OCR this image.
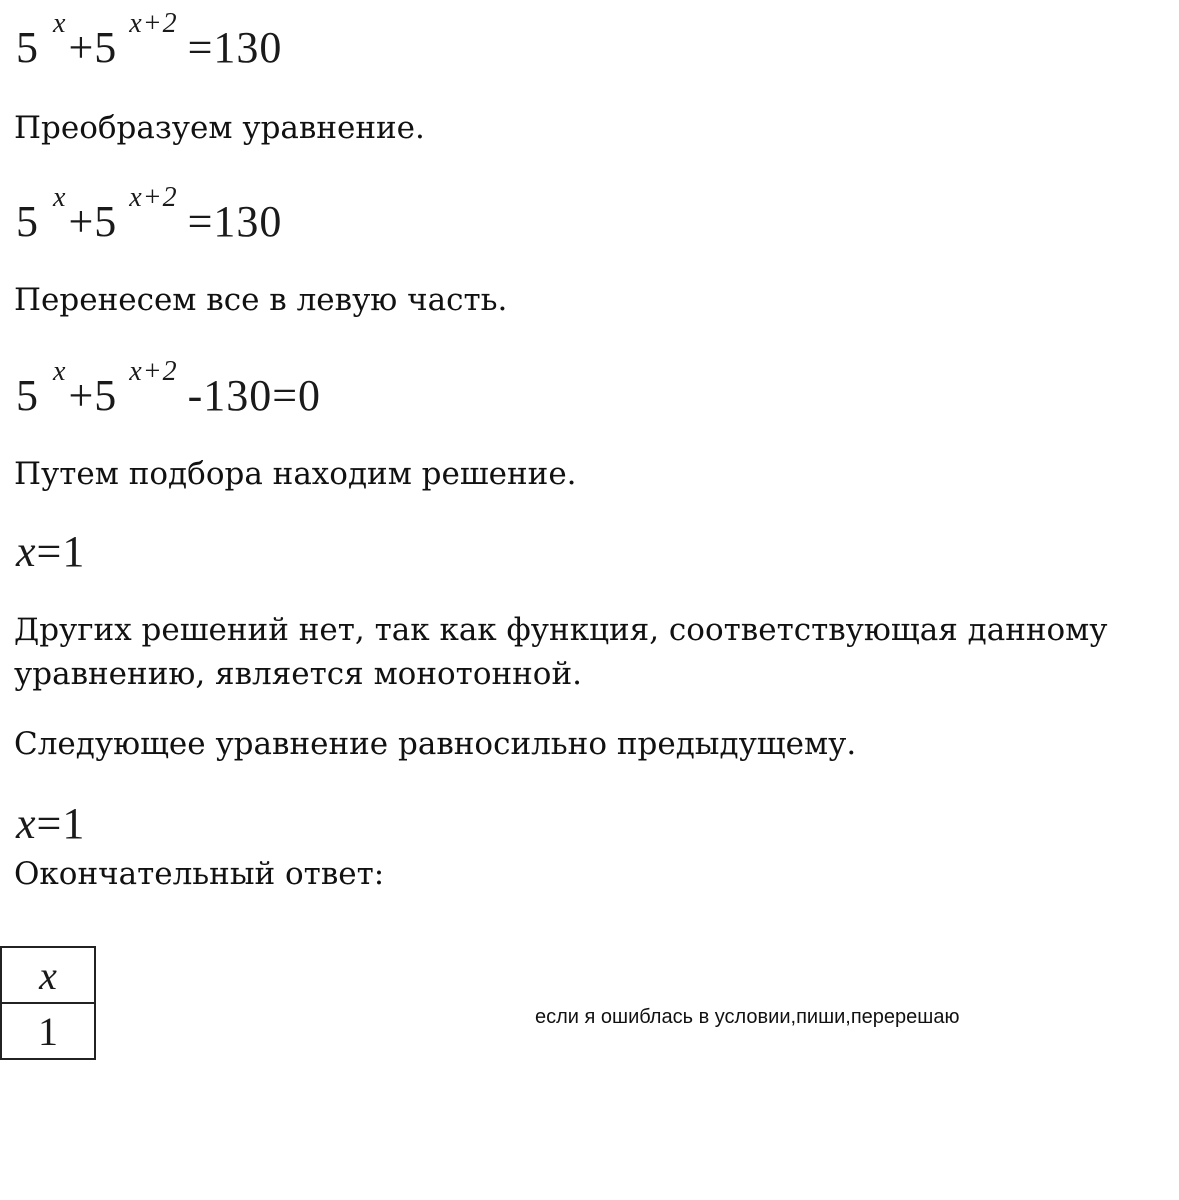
5 $^x$+5 $^{x+2}$ =130
Преобразуем уравнение.
5 $^x$+5 $^{x+2}$ =130
Перенесем все в левую часть.
5 $^x$+5 $^{x+2}$ -130=0
Путем подбора находим решение.
x=1
Других решений нет, так как функция, соответствующая данному
уравнению, является монотонной.
Следующее уравнение равносильно предыдущему.
x=1
Окончательный ответ:
x
1	если я ошиблась в условии,пиши,перерешаю
